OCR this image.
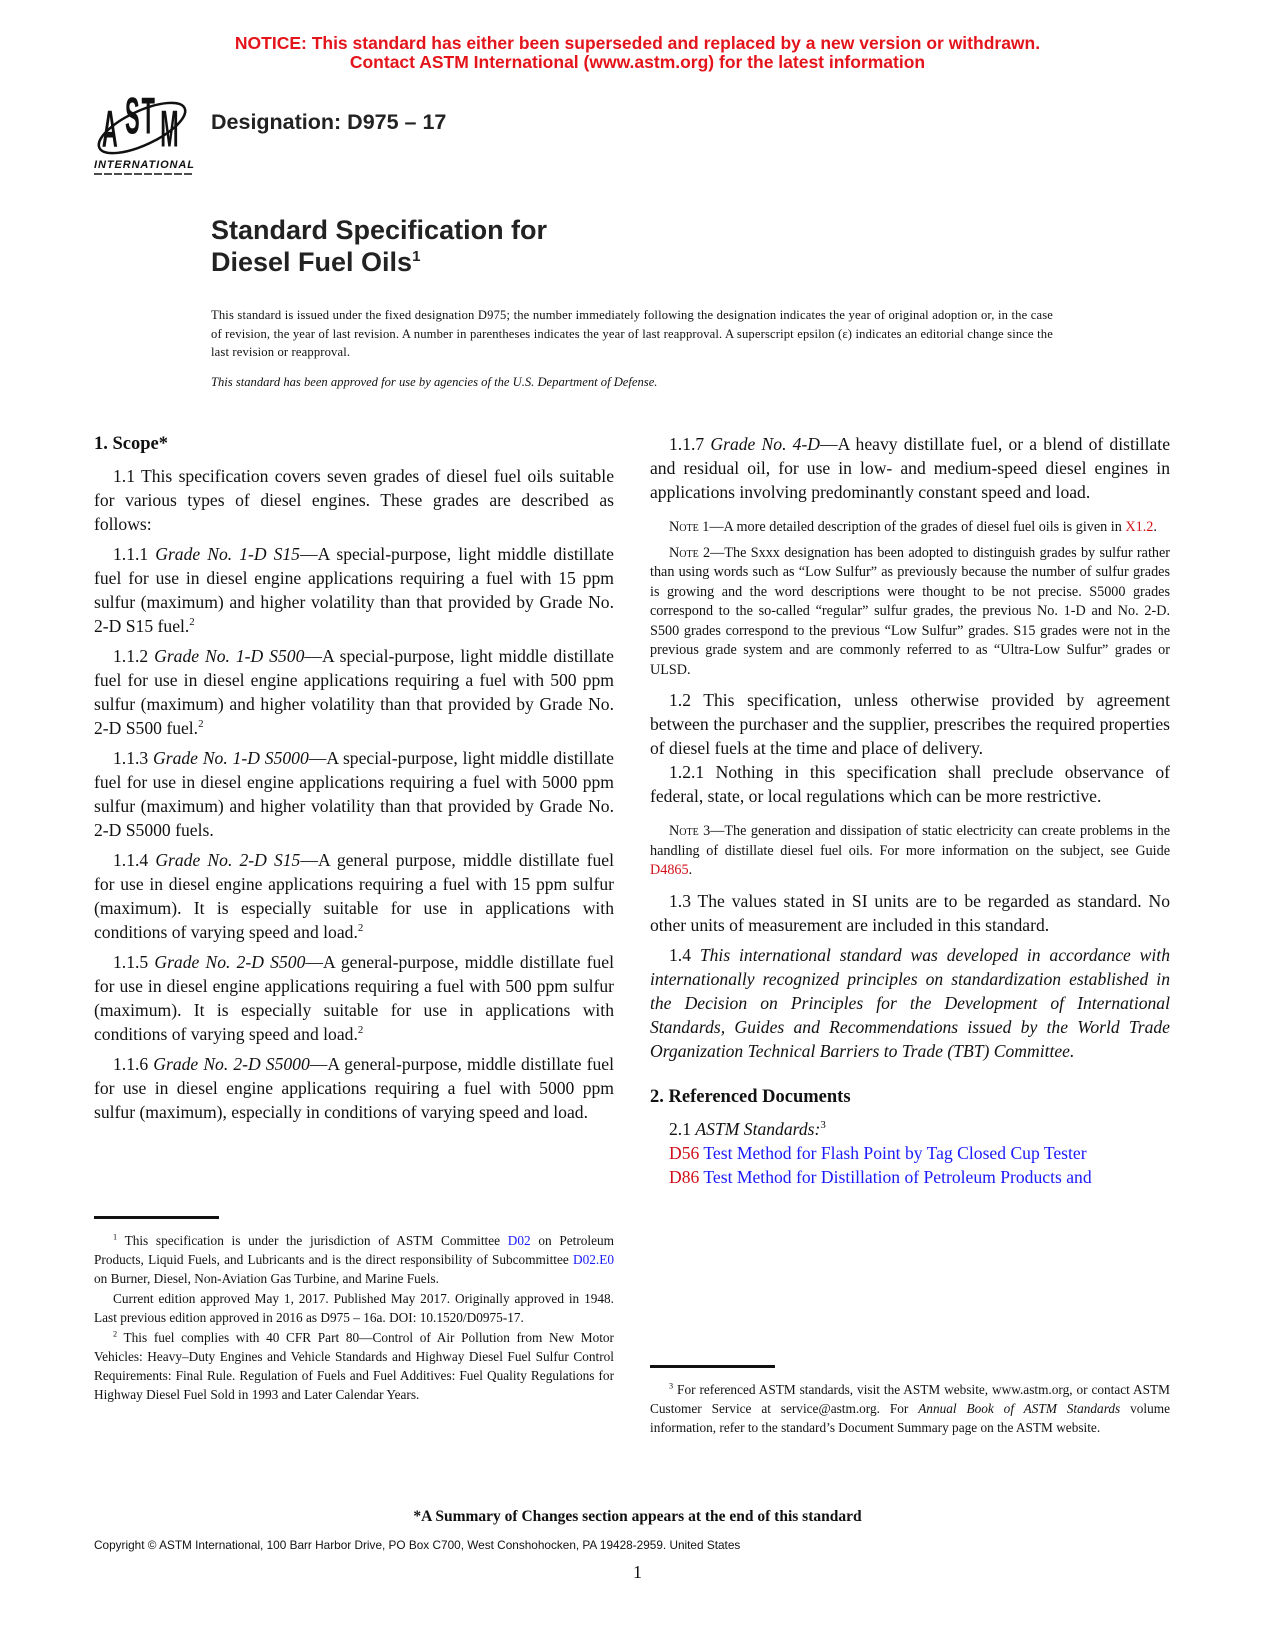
NOTICE: This standard has either been superseded and replaced by a new version or withdrawn.
Contact ASTM International (www.astm.org) for the latest information
A S T M
INTERNATIONAL
Designation: D975 – 17
Standard Specification for
Diesel Fuel Oils$^1$
This standard is issued under the fixed designation D975; the number immediately following the designation indicates the year of original adoption or, in the case of revision, the year of last revision. A number in parentheses indicates the year of last reapproval. A superscript epsilon (ε) indicates an editorial change since the last revision or reapproval.
This standard has been approved for use by agencies of the U.S. Department of Defense.
1. Scope*

1.1 This specification covers seven grades of diesel fuel oils suitable for various types of diesel engines. These grades are described as follows:

1.1.1 Grade No. 1-D S15—A special-purpose, light middle distillate fuel for use in diesel engine applications requiring a fuel with 15 ppm sulfur (maximum) and higher volatility than that provided by Grade No. 2-D S15 fuel.$^2$

1.1.2 Grade No. 1-D S500—A special-purpose, light middle distillate fuel for use in diesel engine applications requiring a fuel with 500 ppm sulfur (maximum) and higher volatility than that provided by Grade No. 2-D S500 fuel.$^2$

1.1.3 Grade No. 1-D S5000—A special-purpose, light middle distillate fuel for use in diesel engine applications requiring a fuel with 5000 ppm sulfur (maximum) and higher volatility than that provided by Grade No. 2-D S5000 fuels.

1.1.4 Grade No. 2-D S15—A general purpose, middle distillate fuel for use in diesel engine applications requiring a fuel with 15 ppm sulfur (maximum). It is especially suitable for use in applications with conditions of varying speed and load.$^2$

1.1.5 Grade No. 2-D S500—A general-purpose, middle distillate fuel for use in diesel engine applications requiring a fuel with 500 ppm sulfur (maximum). It is especially suitable for use in applications with conditions of varying speed and load.$^2$

1.1.6 Grade No. 2-D S5000—A general-purpose, middle distillate fuel for use in diesel engine applications requiring a fuel with 5000 ppm sulfur (maximum), especially in conditions of varying speed and load.

1.1.7 Grade No. 4-D—A heavy distillate fuel, or a blend of distillate and residual oil, for use in low- and medium-speed diesel engines in applications involving predominantly constant speed and load.

Note 1—A more detailed description of the grades of diesel fuel oils is given in X1.2.

Note 2—The Sxxx designation has been adopted to distinguish grades by sulfur rather than using words such as “Low Sulfur” as previously because the number of sulfur grades is growing and the word descriptions were thought to be not precise. S5000 grades correspond to the so-called “regular” sulfur grades, the previous No. 1-D and No. 2-D. S500 grades correspond to the previous “Low Sulfur” grades. S15 grades were not in the previous grade system and are commonly referred to as “Ultra-Low Sulfur” grades or ULSD.

1.2 This specification, unless otherwise provided by agreement between the purchaser and the supplier, prescribes the required properties of diesel fuels at the time and place of delivery.

1.2.1 Nothing in this specification shall preclude observance of federal, state, or local regulations which can be more restrictive.

Note 3—The generation and dissipation of static electricity can create problems in the handling of distillate diesel fuel oils. For more information on the subject, see Guide D4865.

1.3 The values stated in SI units are to be regarded as standard. No other units of measurement are included in this standard.

1.4 This international standard was developed in accordance with internationally recognized principles on standardization established in the Decision on Principles for the Development of International Standards, Guides and Recommendations issued by the World Trade Organization Technical Barriers to Trade (TBT) Committee.

2. Referenced Documents

2.1 ASTM Standards:$^3$

D56 Test Method for Flash Point by Tag Closed Cup Tester

D86 Test Method for Distillation of Petroleum Products and

$^1$ This specification is under the jurisdiction of ASTM Committee D02 on Petroleum Products, Liquid Fuels, and Lubricants and is the direct responsibility of Subcommittee D02.E0 on Burner, Diesel, Non-Aviation Gas Turbine, and Marine Fuels.

Current edition approved May 1, 2017. Published May 2017. Originally approved in 1948. Last previous edition approved in 2016 as D975 – 16a. DOI: 10.1520/D0975-17.

$^2$ This fuel complies with 40 CFR Part 80—Control of Air Pollution from New Motor Vehicles: Heavy–Duty Engines and Vehicle Standards and Highway Diesel Fuel Sulfur Control Requirements: Final Rule. Regulation of Fuels and Fuel Additives: Fuel Quality Regulations for Highway Diesel Fuel Sold in 1993 and Later Calendar Years.

$^3$ For referenced ASTM standards, visit the ASTM website, www.astm.org, or contact ASTM Customer Service at service@astm.org. For Annual Book of ASTM Standards volume information, refer to the standard’s Document Summary page on the ASTM website.

*A Summary of Changes section appears at the end of this standard
Copyright © ASTM International, 100 Barr Harbor Drive, PO Box C700, West Conshohocken, PA 19428-2959. United States
1
